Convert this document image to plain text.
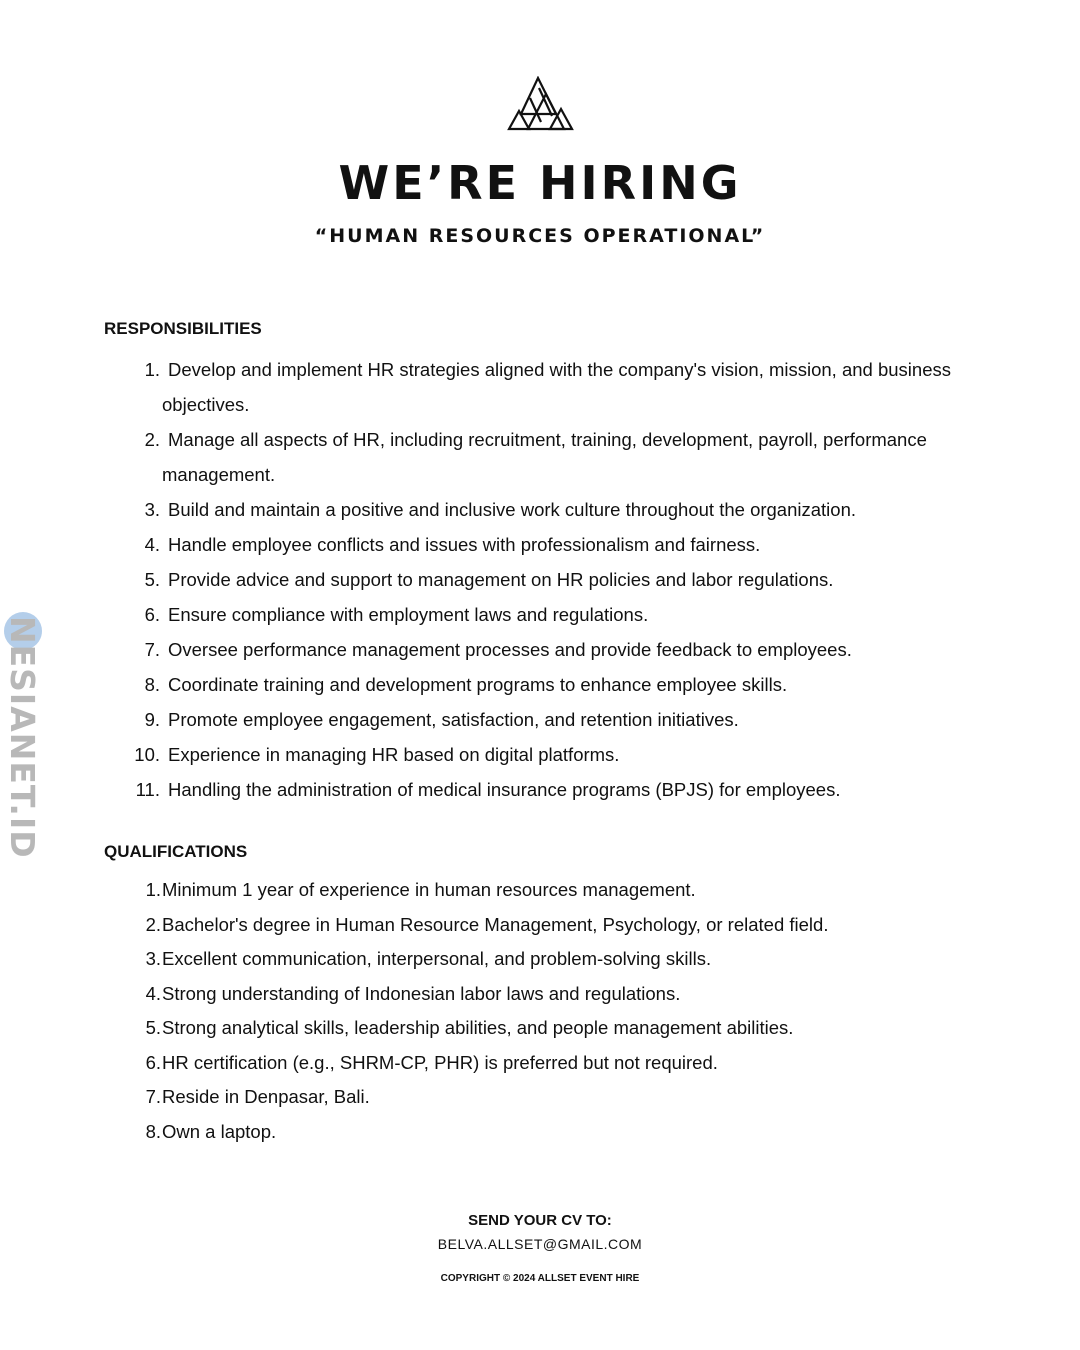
WE’RE HIRING
“HUMAN RESOURCES OPERATIONAL”
RESPONSIBILITIES
1. Develop and implement HR strategies aligned with the company's vision, mission, and business objectives.
2. Manage all aspects of HR, including recruitment, training, development, payroll, performance management.
3. Build and maintain a positive and inclusive work culture throughout the organization.
4. Handle employee conflicts and issues with professionalism and fairness.
5. Provide advice and support to management on HR policies and labor regulations.
6. Ensure compliance with employment laws and regulations.
7. Oversee performance management processes and provide feedback to employees.
8. Coordinate training and development programs to enhance employee skills.
9. Promote employee engagement, satisfaction, and retention initiatives.
10. Experience in managing HR based on digital platforms.
11. Handling the administration of medical insurance programs (BPJS) for employees.
QUALIFICATIONS
1. Minimum 1 year of experience in human resources management.
2. Bachelor's degree in Human Resource Management, Psychology, or related field.
3. Excellent communication, interpersonal, and problem-solving skills.
4. Strong understanding of Indonesian labor laws and regulations.
5. Strong analytical skills, leadership abilities, and people management abilities.
6. HR certification (e.g., SHRM-CP, PHR) is preferred but not required.
7. Reside in Denpasar, Bali.
8. Own a laptop.

SEND YOUR CV TO:

BELVA.ALLSET@GMAIL.COM

COPYRIGHT © 2024 ALLSET EVENT HIRE

NESIANET.ID
